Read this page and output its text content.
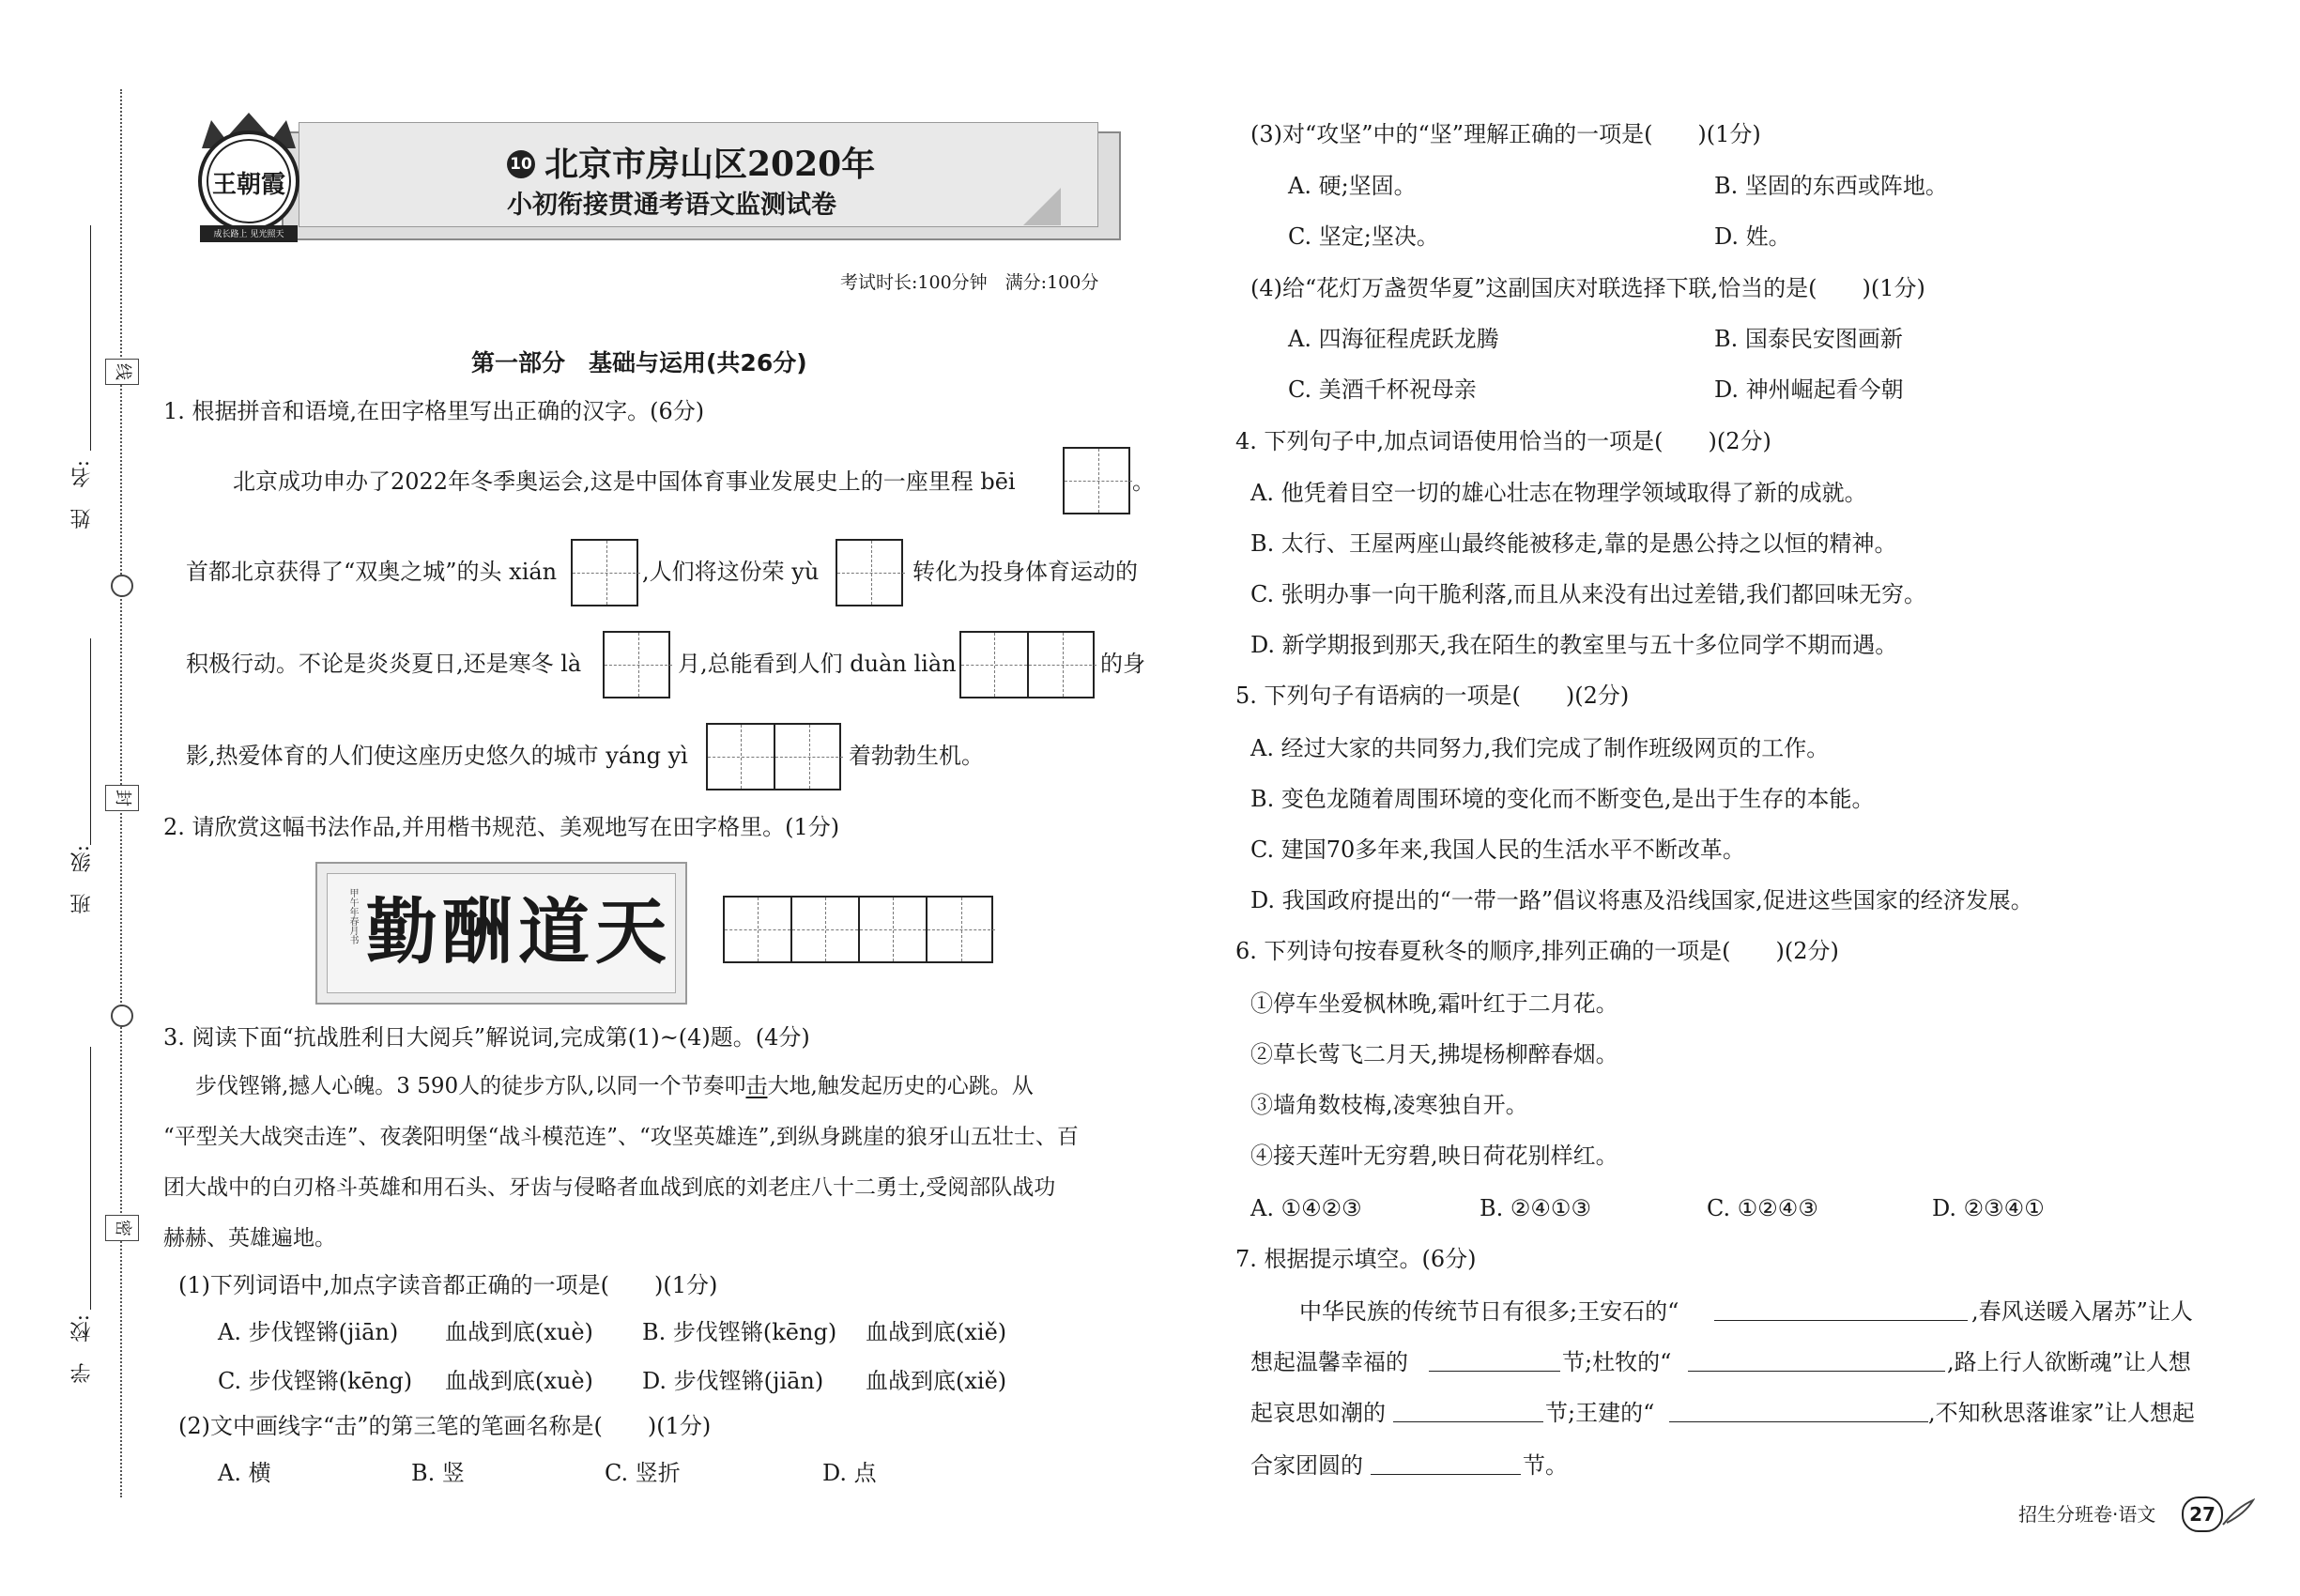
姓　名:
班　级:
学　校:
线
封
密
王朝霞
成长路上 见光照天
10 北京市房山区2020年
小初衔接贯通考语文监测试卷
考试时长:100分钟　满分:100分
第一部分　基础与运用(共26分)
1. 根据拼音和语境,在田字格里写出正确的汉字。(6分)
北京成功申办了2022年冬季奥运会,这是中国体育事业发展史上的一座里程 bēi	。
首都北京获得了“双奥之城”的头 xián	,人们将这份荣 yù	转化为投身体育运动的
积极行动。不论是炎炎夏日,还是寒冬 là	月,总能看到人们 duàn liàn	的身
影,热爱体育的人们使这座历史悠久的城市 yáng yì	着勃勃生机。
2. 请欣赏这幅书法作品,并用楷书规范、美观地写在田字格里。(1分)
甲午年春月书 勤 酬 道 天
3. 阅读下面“抗战胜利日大阅兵”解说词,完成第(1)~(4)题。(4分)
步伐铿锵,撼人心魄。3 590人的徒步方队,以同一个节奏叩击大地,触发起历史的心跳。从
“平型关大战突击连”、夜袭阳明堡“战斗模范连”、“攻坚英雄连”,到纵身跳崖的狼牙山五壮士、百
团大战中的白刃格斗英雄和用石头、牙齿与侵略者血战到底的刘老庄八十二勇士,受阅部队战功
赫赫、英雄遍地。
(1)下列词语中,加点字读音都正确的一项是(　　)(1分)
A. 步伐铿锵(jiān) 血战到底(xuè) B. 步伐铿锵(kēng) 血战到底(xiě)
C. 步伐铿锵(kēng) 血战到底(xuè) D. 步伐铿锵(jiān) 血战到底(xiě)
(2)文中画线字“击”的第三笔的笔画名称是(　　)(1分)
A. 横	B. 竖	C. 竖折	D. 点
(3)对“攻坚”中的“坚”理解正确的一项是(　　)(1分)
A. 硬;坚固。	B. 坚固的东西或阵地。
C. 坚定;坚决。	D. 姓。
(4)给“花灯万盏贺华夏”这副国庆对联选择下联,恰当的是(　　)(1分)
A. 四海征程虎跃龙腾	B. 国泰民安图画新
C. 美酒千杯祝母亲	D. 神州崛起看今朝
4. 下列句子中,加点词语使用恰当的一项是(　　)(2分)
A. 他凭着目空一切的雄心壮志在物理学领域取得了新的成就。
B. 太行、王屋两座山最终能被移走,靠的是愚公持之以恒的精神。
C. 张明办事一向干脆利落,而且从来没有出过差错,我们都回味无穷。
D. 新学期报到那天,我在陌生的教室里与五十多位同学不期而遇。
5. 下列句子有语病的一项是(　　)(2分)
A. 经过大家的共同努力,我们完成了制作班级网页的工作。
B. 变色龙随着周围环境的变化而不断变色,是出于生存的本能。
C. 建国70多年来,我国人民的生活水平不断改革。
D. 我国政府提出的“一带一路”倡议将惠及沿线国家,促进这些国家的经济发展。
6. 下列诗句按春夏秋冬的顺序,排列正确的一项是(　　)(2分)
①停车坐爱枫林晚,霜叶红于二月花。
②草长莺飞二月天,拂堤杨柳醉春烟。
③墙角数枝梅,凌寒独自开。
④接天莲叶无穷碧,映日荷花别样红。
A. ①④②③	B. ②④①③	C. ①②④③	D. ②③④①
7. 根据提示填空。(6分)
中华民族的传统节日有很多;王安石的“	,春风送暖入屠苏”让人
想起温馨幸福的	节;杜牧的“	,路上行人欲断魂”让人想
起哀思如潮的	节;王建的“	,不知秋思落谁家”让人想起
合家团圆的	节。
招生分班卷·语文	27
